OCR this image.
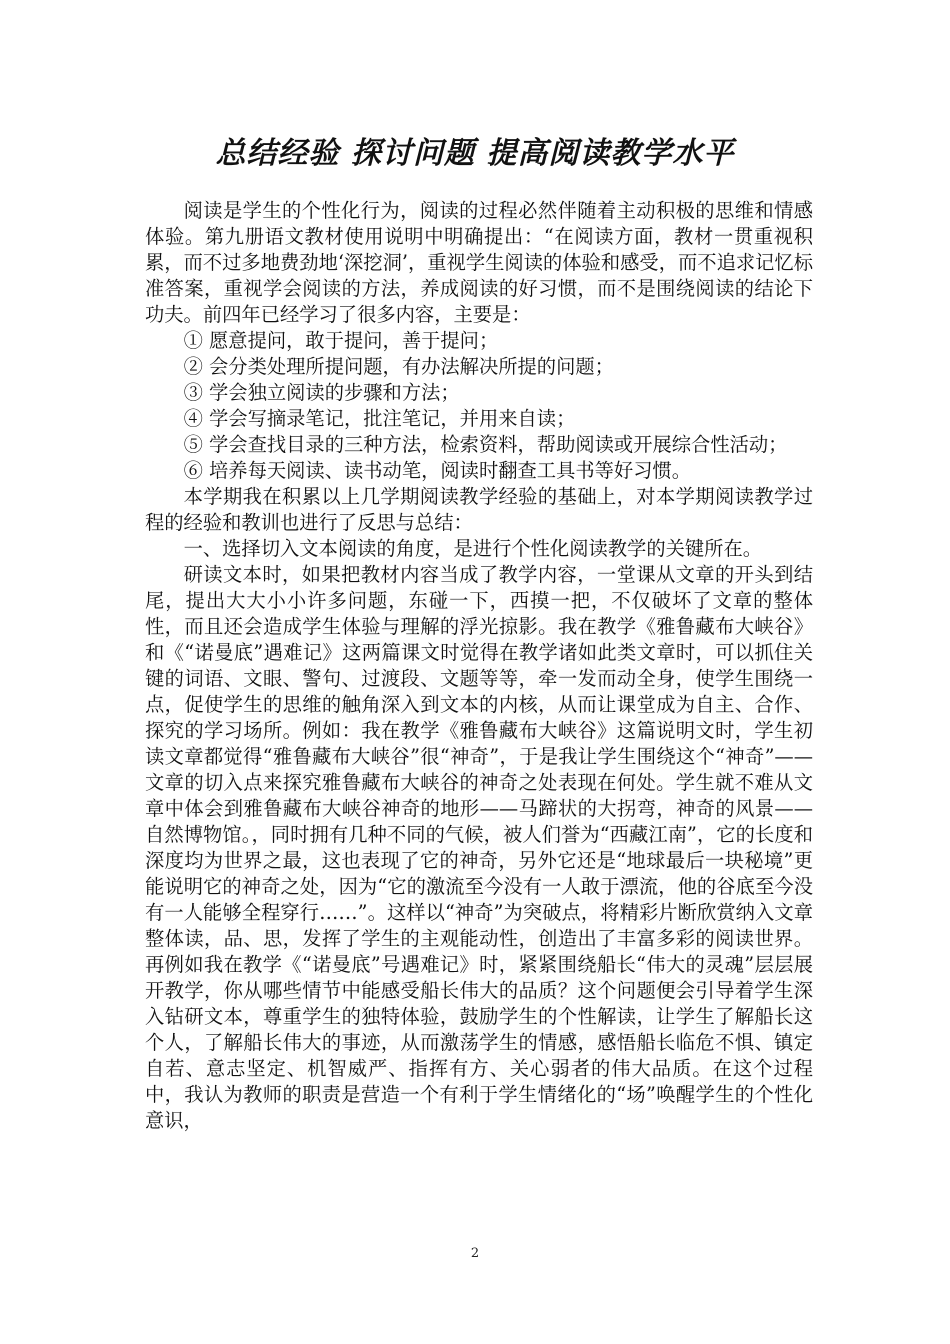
总结经验 探讨问题 提高阅读教学水平

阅读是学生的个性化行为，阅读的过程必然伴随着主动积极的思维和情感体验。第九册语文教材使用说明中明确提出：“在阅读方面，教材一贯重视积累，而不过多地费劲地‘深挖洞’，重视学生阅读的体验和感受，而不追求记忆标准答案，重视学会阅读的方法，养成阅读的好习惯，而不是围绕阅读的结论下功夫。前四年已经学习了很多内容，主要是：

① 愿意提问，敢于提问，善于提问；

② 会分类处理所提问题，有办法解决所提的问题；

③ 学会独立阅读的步骤和方法；

④ 学会写摘录笔记，批注笔记，并用来自读；

⑤ 学会查找目录的三种方法，检索资料，帮助阅读或开展综合性活动；

⑥ 培养每天阅读、读书动笔，阅读时翻查工具书等好习惯。

本学期我在积累以上几学期阅读教学经验的基础上，对本学期阅读教学过程的经验和教训也进行了反思与总结：

一、选择切入文本阅读的角度，是进行个性化阅读教学的关键所在。

研读文本时，如果把教材内容当成了教学内容，一堂课从文章的开头到结尾，提出大大小小许多问题，东碰一下，西摸一把，不仅破坏了文章的整体性，而且还会造成学生体验与理解的浮光掠影。我在教学《雅鲁藏布大峡谷》和《“诺曼底”遇难记》这两篇课文时觉得在教学诸如此类文章时，可以抓住关键的词语、文眼、警句、过渡段、文题等等，牵一发而动全身，使学生围绕一点，促使学生的思维的触角深入到文本的内核，从而让课堂成为自主、合作、探究的学习场所。例如：我在教学《雅鲁藏布大峡谷》这篇说明文时，学生初读文章都觉得“雅鲁藏布大峡谷”很“神奇”，于是我让学生围绕这个“神奇”——文章的切入点来探究雅鲁藏布大峡谷的神奇之处表现在何处。学生就不难从文章中体会到雅鲁藏布大峡谷神奇的地形——马蹄状的大拐弯，神奇的风景——自然博物馆。，同时拥有几种不同的气候，被人们誉为“西藏江南”，它的长度和深度均为世界之最，这也表现了它的神奇，另外它还是“地球最后一块秘境”更能说明它的神奇之处，因为“它的激流至今没有一人敢于漂流，他的谷底至今没有一人能够全程穿行……”。这样以“神奇”为突破点，将精彩片断欣赏纳入文章整体读，品、思，发挥了学生的主观能动性，创造出了丰富多彩的阅读世界。再例如我在教学《“诺曼底”号遇难记》时，紧紧围绕船长“伟大的灵魂”层层展开教学，你从哪些情节中能感受船长伟大的品质？这个问题便会引导着学生深入钻研文本，尊重学生的独特体验，鼓励学生的个性解读，让学生了解船长这个人，了解船长伟大的事迹，从而激荡学生的情感，感悟船长临危不惧、镇定自若、意志坚定、机智威严、指挥有方、关心弱者的伟大品质。在这个过程中，我认为教师的职责是营造一个有利于学生情绪化的“场”唤醒学生的个性化意识，

2
